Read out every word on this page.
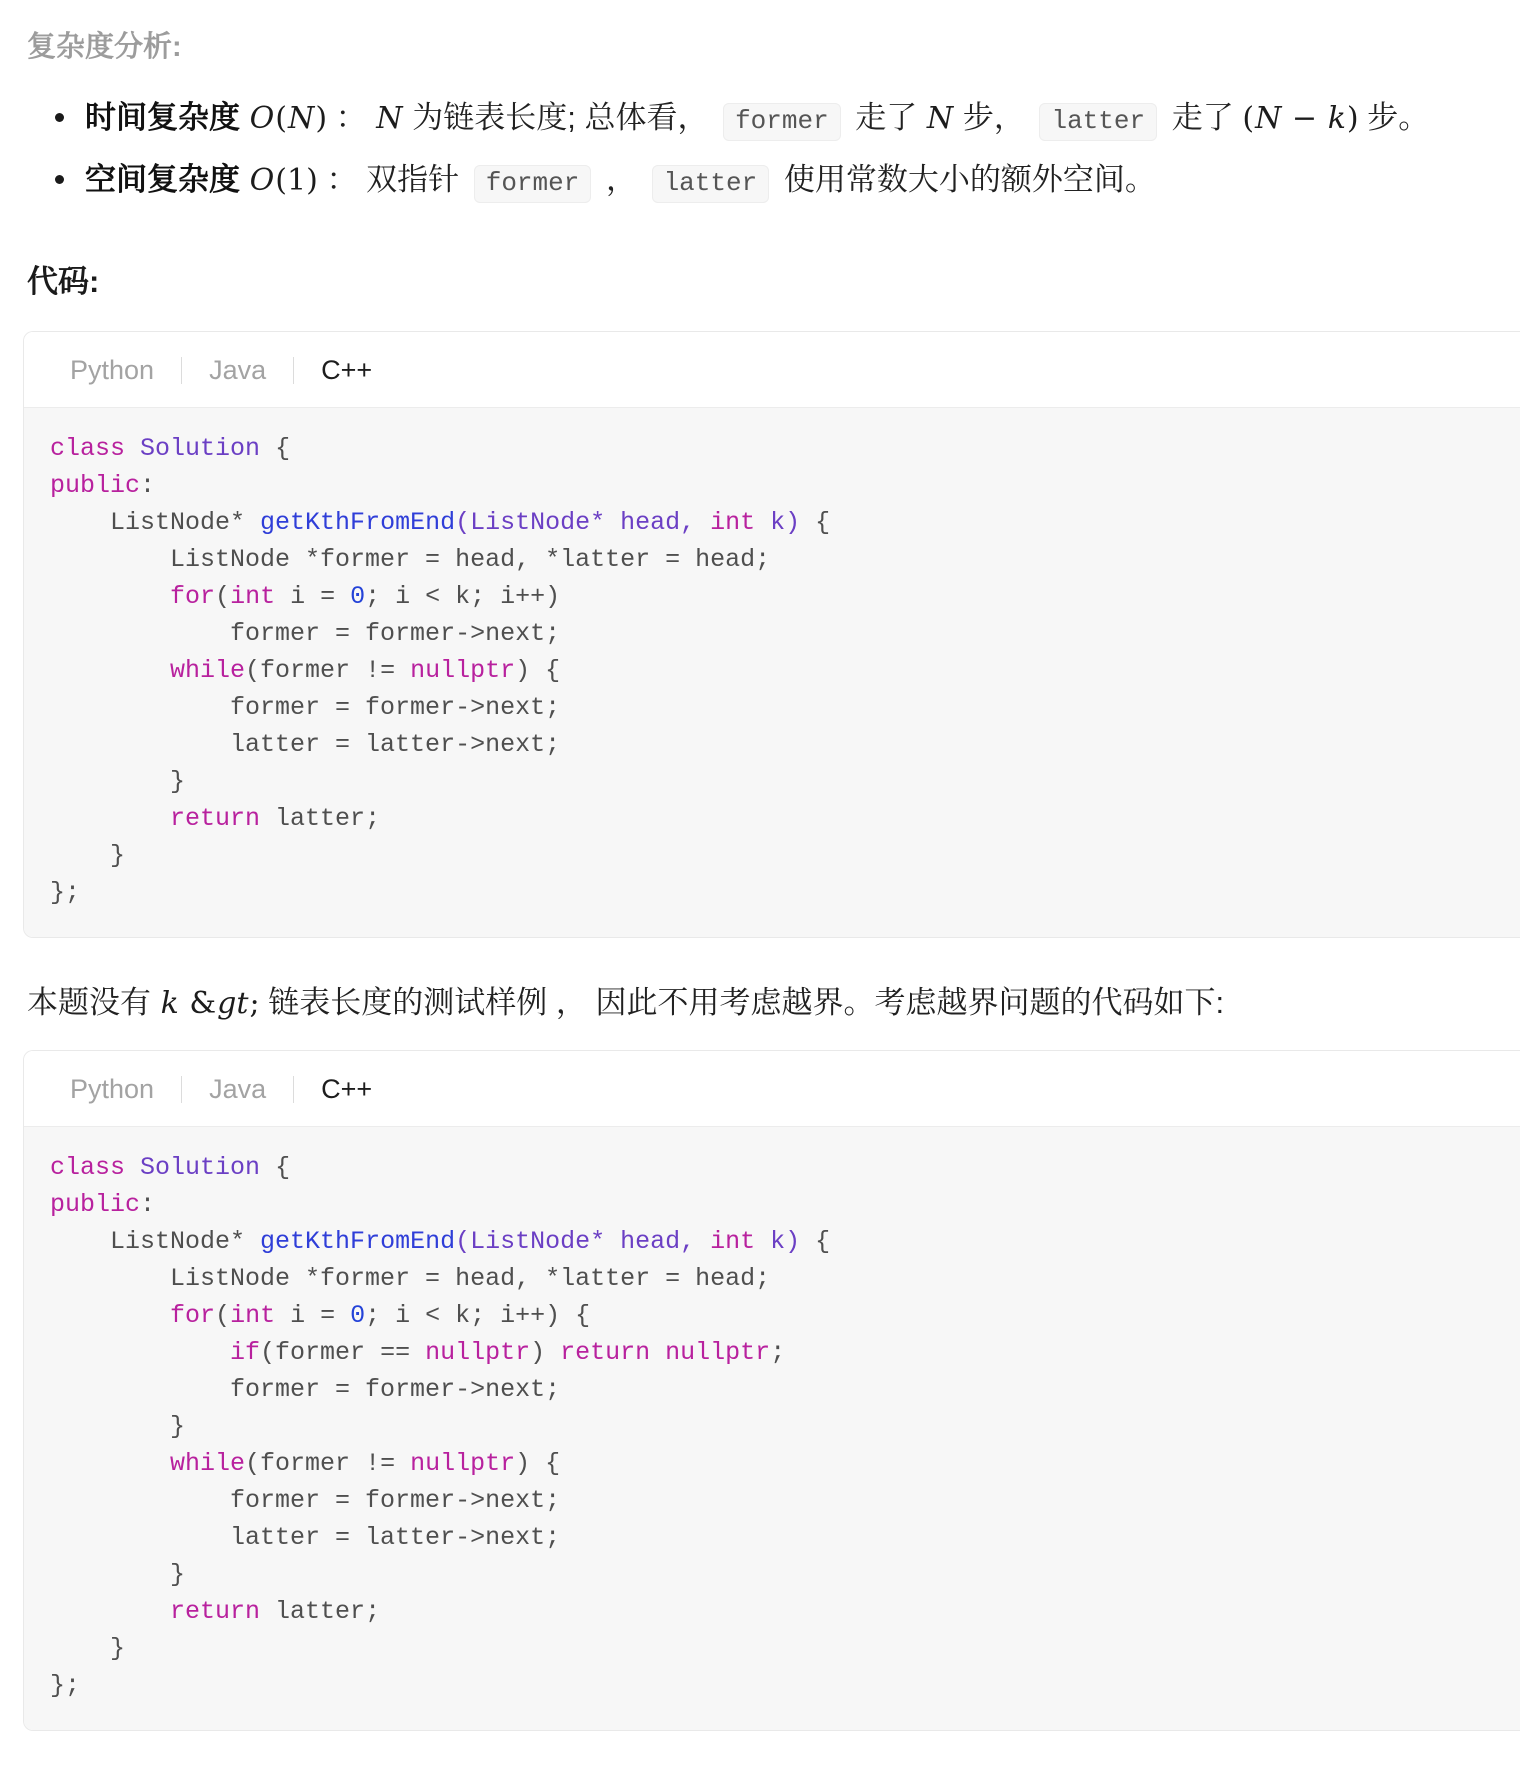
复杂度分析:
时间复杂度 O(N) ： N 为链表长度; 总体看， former 走了 N 步， latter 走了 (N − k) 步。
空间复杂度 O(1) ： 双指针 former ， latter 使用常数大小的额外空间。
代码:
Python Java C++
class Solution {
public:
ListNode* getKthFromEnd(ListNode* head, int k) {
ListNode *former = head, *latter = head;
for(int i = 0; i < k; i++)
former = former->next;
while(former != nullptr) {
former = former->next;
latter = latter->next;
}
return latter;
}
};

本题没有 k &gt; 链表长度的测试样例 ， 因此不用考虑越界。考虑越界问题的代码如下:

Python Java C++
class Solution {
public:
ListNode* getKthFromEnd(ListNode* head, int k) {
ListNode *former = head, *latter = head;
for(int i = 0; i < k; i++) {
if(former == nullptr) return nullptr;
former = former->next;
}
while(former != nullptr) {
former = former->next;
latter = latter->next;
}
return latter;
}
};
